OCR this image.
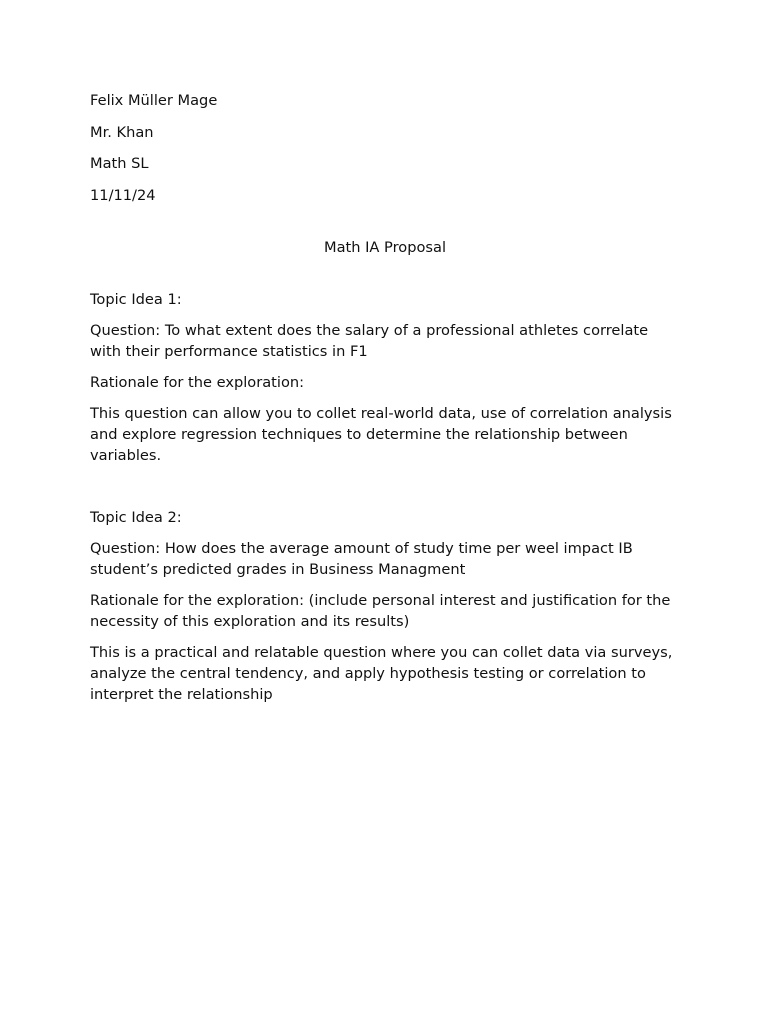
Felix Müller Mage

Mr. Khan

Math SL

11/11/24

Math IA Proposal

Topic Idea 1:

Question: To what extent does the salary of a professional athletes correlate with their performance statistics in F1

Rationale for the exploration:

This question can allow you to collet real-world data, use of correlation analysis and explore regression techniques to determine the relationship between variables.

Topic Idea 2:

Question: How does the average amount of study time per weel impact IB student’s predicted grades in Business Managment

Rationale for the exploration: (include personal interest and justification for the necessity of this exploration and its results)

This is a practical and relatable question where you can collet data via surveys, analyze the central tendency, and apply hypothesis testing or correlation to interpret the relationship
